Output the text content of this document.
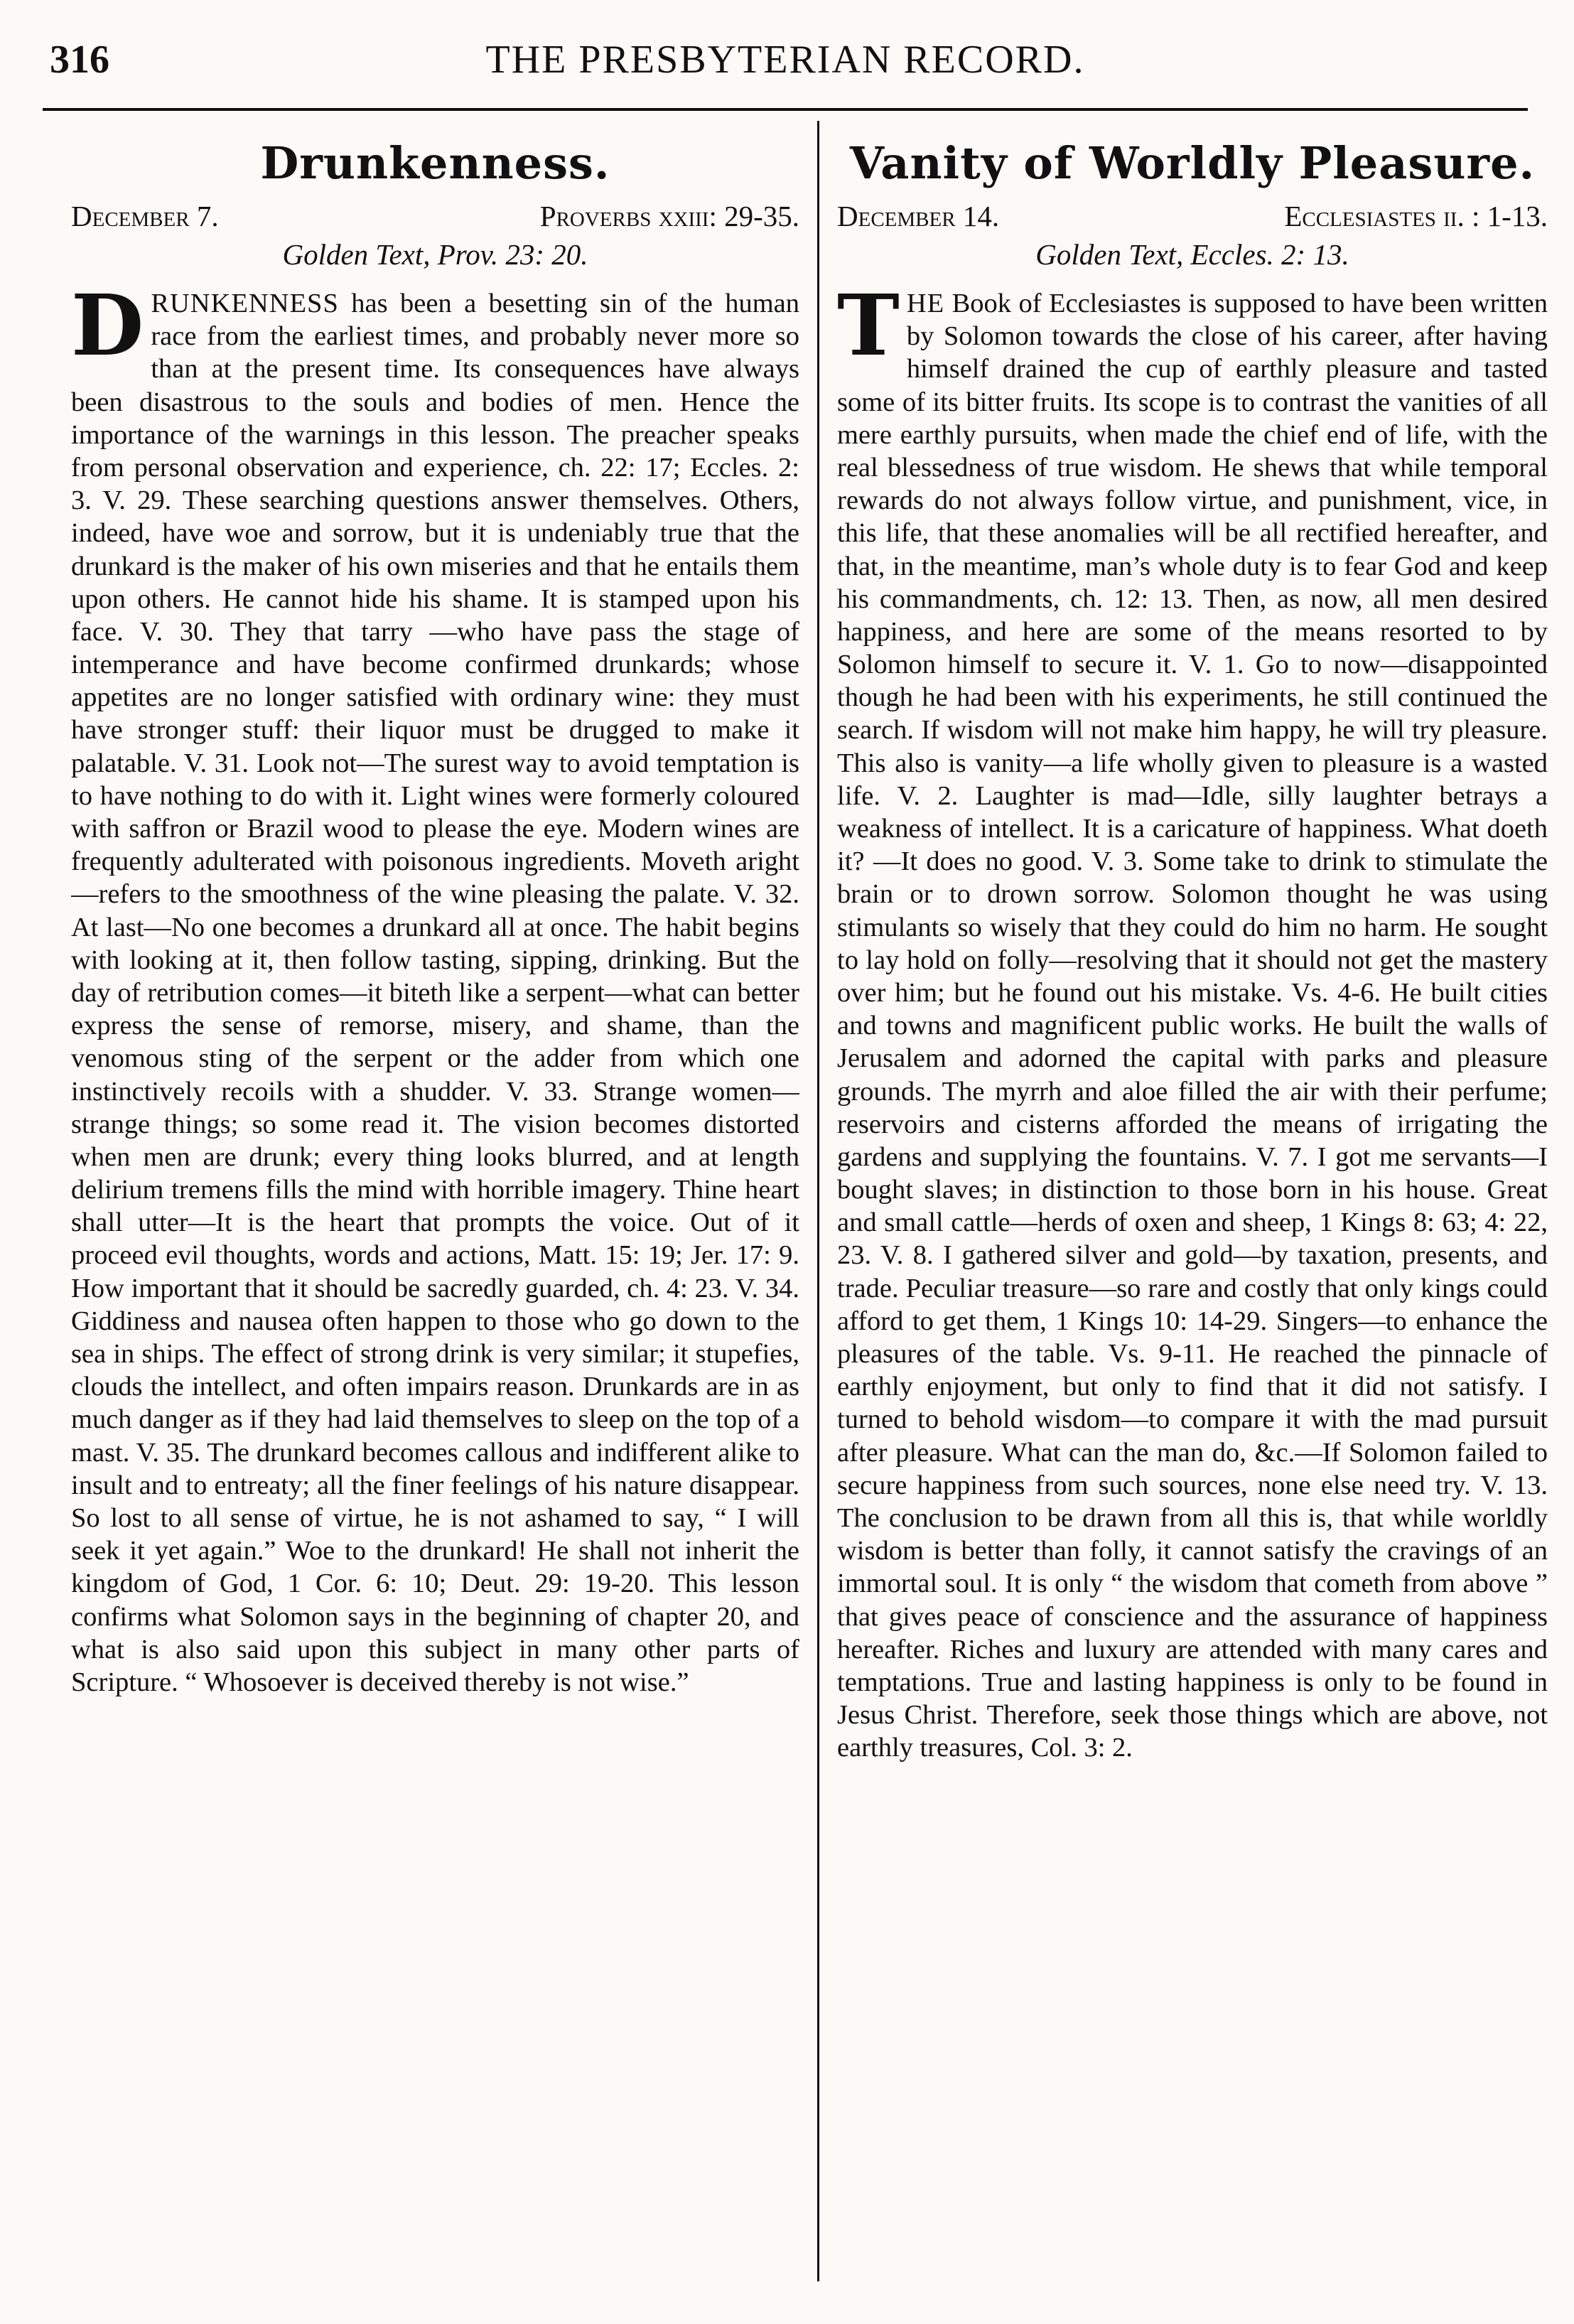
316	THE PRESBYTERIAN RECORD.
Drunkenness.
December 7.	Proverbs xxiii: 29-35.
Golden Text, Prov. 23: 20.

DRUNKENNESS has been a besetting sin of the human race from the earliest times, and probably never more so than at the present time. Its consequences have always been disastrous to the souls and bodies of men. Hence the importance of the warnings in this lesson. The preacher speaks from personal observation and experience, ch. 22: 17; Eccles. 2: 3. V. 29. These searching questions answer themselves. Others, indeed, have woe and sorrow, but it is undeniably true that the drunkard is the maker of his own miseries and that he entails them upon others. He cannot hide his shame. It is stamped upon his face. V. 30. They that tarry —who have pass the stage of intemperance and have become confirmed drunkards; whose appetites are no longer satisfied with ordinary wine: they must have stronger stuff: their liquor must be drugged to make it palatable. V. 31. Look not—The surest way to avoid temptation is to have nothing to do with it. Light wines were formerly coloured with saffron or Brazil wood to please the eye. Modern wines are frequently adulterated with poisonous ingredients. Moveth aright—refers to the smoothness of the wine pleasing the palate. V. 32. At last—No one becomes a drunkard all at once. The habit begins with looking at it, then follow tasting, sipping, drinking. But the day of retribution comes—it biteth like a serpent—what can better express the sense of remorse, misery, and shame, than the venomous sting of the serpent or the adder from which one instinctively recoils with a shudder. V. 33. Strange women—strange things; so some read it. The vision becomes distorted when men are drunk; every thing looks blurred, and at length delirium tremens fills the mind with horrible imagery. Thine heart shall utter—It is the heart that prompts the voice. Out of it proceed evil thoughts, words and actions, Matt. 15: 19; Jer. 17: 9. How important that it should be sacredly guarded, ch. 4: 23. V. 34. Giddiness and nausea often happen to those who go down to the sea in ships. The effect of strong drink is very similar; it stupefies, clouds the intellect, and often impairs reason. Drunkards are in as much danger as if they had laid themselves to sleep on the top of a mast. V. 35. The drunkard becomes callous and indifferent alike to insult and to entreaty; all the finer feelings of his nature disappear. So lost to all sense of virtue, he is not ashamed to say, “ I will seek it yet again.” Woe to the drunkard! He shall not inherit the kingdom of God, 1 Cor. 6: 10; Deut. 29: 19-20. This lesson confirms what Solomon says in the beginning of chapter 20, and what is also said upon this subject in many other parts of Scripture. “ Whosoever is deceived thereby is not wise.”

Vanity of Worldly Pleasure.
December 14.	Ecclesiastes ii. : 1-13.
Golden Text, Eccles. 2: 13.

THE Book of Ecclesiastes is supposed to have been written by Solomon towards the close of his career, after having himself drained the cup of earthly pleasure and tasted some of its bitter fruits. Its scope is to contrast the vanities of all mere earthly pursuits, when made the chief end of life, with the real blessedness of true wisdom. He shews that while temporal rewards do not always follow virtue, and punishment, vice, in this life, that these anomalies will be all rectified hereafter, and that, in the meantime, man’s whole duty is to fear God and keep his commandments, ch. 12: 13. Then, as now, all men desired happiness, and here are some of the means resorted to by Solomon himself to secure it. V. 1. Go to now—disappointed though he had been with his experiments, he still continued the search. If wisdom will not make him happy, he will try pleasure. This also is vanity—a life wholly given to pleasure is a wasted life. V. 2. Laughter is mad—Idle, silly laughter betrays a weakness of intellect. It is a caricature of happiness. What doeth it? —It does no good. V. 3. Some take to drink to stimulate the brain or to drown sorrow. Solomon thought he was using stimulants so wisely that they could do him no harm. He sought to lay hold on folly—resolving that it should not get the mastery over him; but he found out his mistake. Vs. 4-6. He built cities and towns and magnificent public works. He built the walls of Jerusalem and adorned the capital with parks and pleasure grounds. The myrrh and aloe filled the air with their perfume; reservoirs and cisterns afforded the means of irrigating the gardens and supplying the fountains. V. 7. I got me servants—I bought slaves; in distinction to those born in his house. Great and small cattle—herds of oxen and sheep, 1 Kings 8: 63; 4: 22, 23. V. 8. I gathered silver and gold—by taxation, presents, and trade. Peculiar treasure—so rare and costly that only kings could afford to get them, 1 Kings 10: 14-29. Singers—to enhance the pleasures of the table. Vs. 9-11. He reached the pinnacle of earthly enjoyment, but only to find that it did not satisfy. I turned to behold wisdom—to compare it with the mad pursuit after pleasure. What can the man do, &c.—If Solomon failed to secure happiness from such sources, none else need try. V. 13. The conclusion to be drawn from all this is, that while worldly wisdom is better than folly, it cannot satisfy the cravings of an immortal soul. It is only “ the wisdom that cometh from above ” that gives peace of conscience and the assurance of happiness hereafter. Riches and luxury are attended with many cares and temptations. True and lasting happiness is only to be found in Jesus Christ. Therefore, seek those things which are above, not earthly treasures, Col. 3: 2.
